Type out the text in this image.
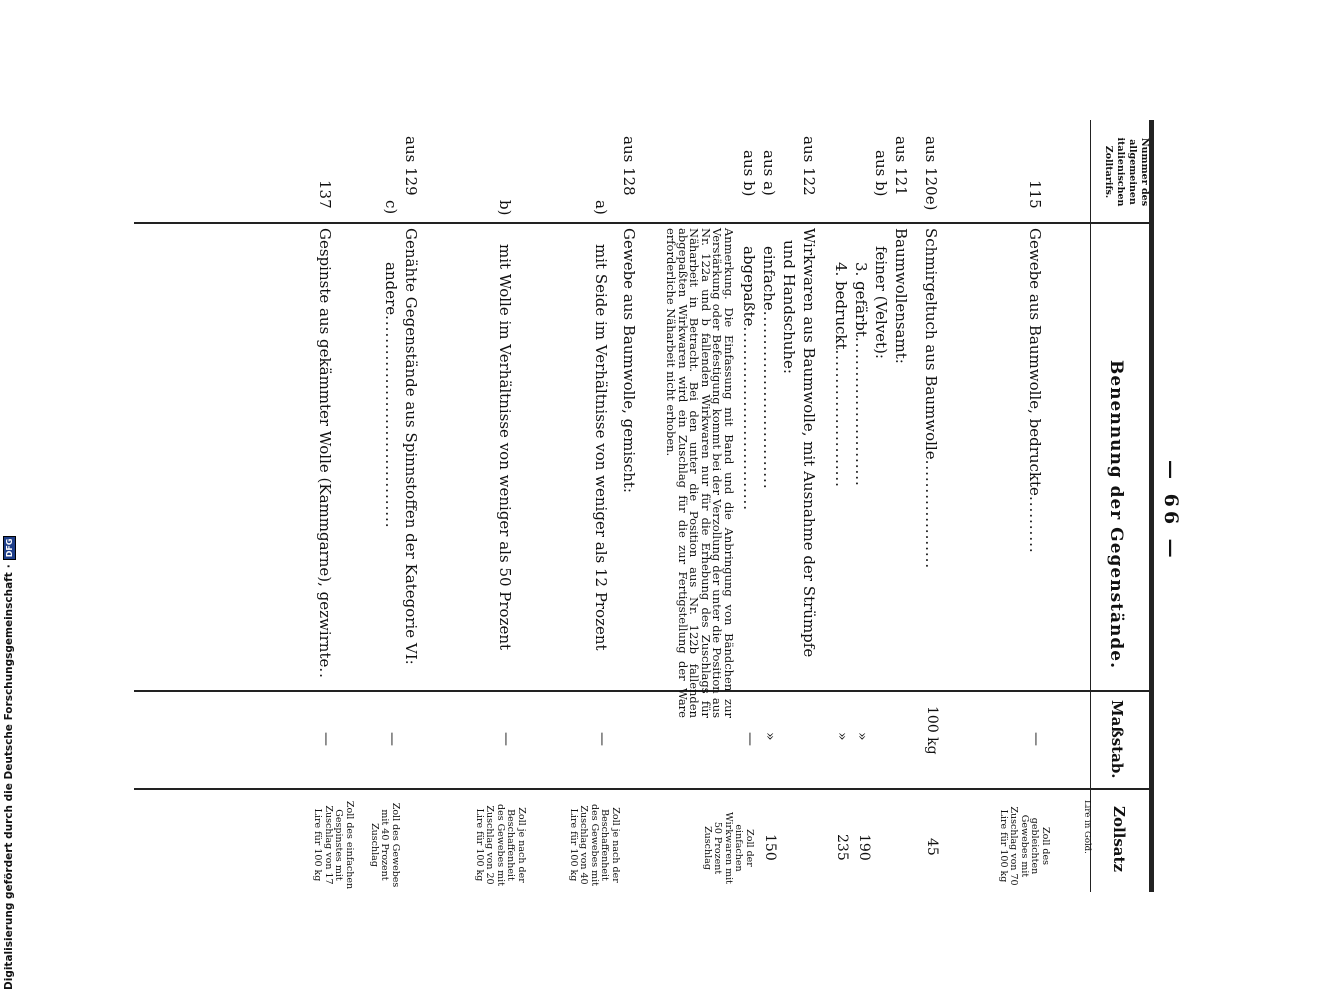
— 66 —
Nummer des allgemeinen italienischen Zolltarifs.
Benennung der Gegenstände.
Maßstab.
Zollsatz
Lire in Gold.
115
Gewebe aus Baumwolle, bedruckte..........
—
Zoll des gebleichten Gewebes mit Zuschlag von 70 Lire für 100 kg
aus 120e)
Schmirgeltuch aus Baumwolle...................
100 kg
45
aus 121
Baumwollensamt:
aus b)
feiner (Velvet):
3. gefärbt..........................
»
190
4. bedruckt........................
»
235
aus 122
Wirkwaren aus Baumwolle, mit Ausnahme der Strümpfe
und Handschuhe:
aus a)
einfache...............................
»
150
aus b)
abgepaßte................................
—
Zoll der einfachen Wirkwaren mit 50 Prozent Zuschlag
Anmerkung. Die Einfassung mit Band und die Anbringung von Bändchen zur Verstärkung oder Befestigung kommt bei der Verzollung der unter die Position aus Nr. 122a und b fallenden Wirkwaren nur für die Erhebung des Zuschlags für Näharbeit in Betracht. Bei den unter die Position aus Nr. 122b fallenden abgepaßten Wirkwaren wird ein Zuschlag für die zur Fertigstellung der Ware erforderliche Näharbeit nicht erhoben.
aus 128
Gewebe aus Baumwolle, gemischt:
a)
mit Seide im Verhältnisse von weniger als 12 Prozent
—
Zoll je nach der Beschaffenheit des Gewebes mit Zuschlag von 40 Lire für 100 kg
b)
mit Wolle im Verhältnisse von weniger als 50 Prozent
—
Zoll je nach der Beschaffenheit des Gewebes mit Zuschlag von 20 Lire für 100 kg
aus 129
Genähte Gegenstände aus Spinnstoffen der Kategorie VI:
c)
andere.....................................
—
Zoll des Gewebes mit 40 Prozent Zuschlag
137
Gespinste aus gekämmter Wolle (Kammgarne), gezwirnte..
—
Zoll des einfachen Gespinstes mit Zuschlag von 17 Lire für 100 kg
Digitalisierung gefördert durch die Deutsche Forschungsgemeinschaft
·
DFG
